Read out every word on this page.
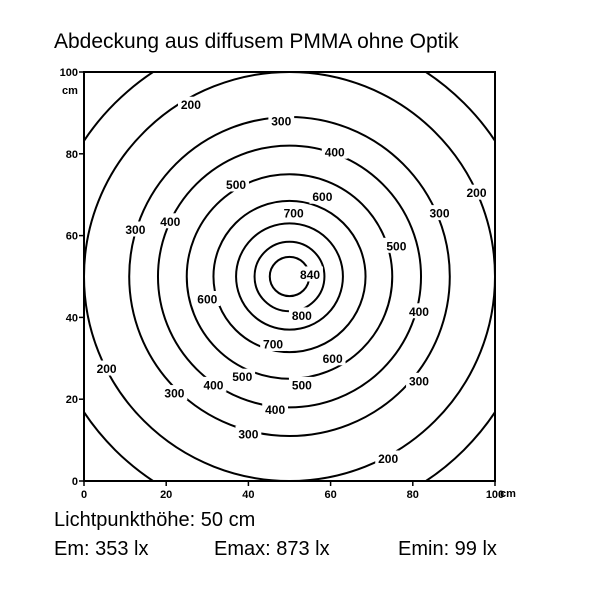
Abdeckung aus diffusem PMMA ohne Optik
200
300
400
500
600
700
200
300
300
400
500
840
400
800
600
700
600
200
500
500
400
300
300
400
300
200
0	20	40	60	80	100
0
20
40
60
80
100
cm
cm
Lichtpunkthöhe: 50 cm
Em: 353 lx	Emax: 873 lx	Emin: 99 lx
